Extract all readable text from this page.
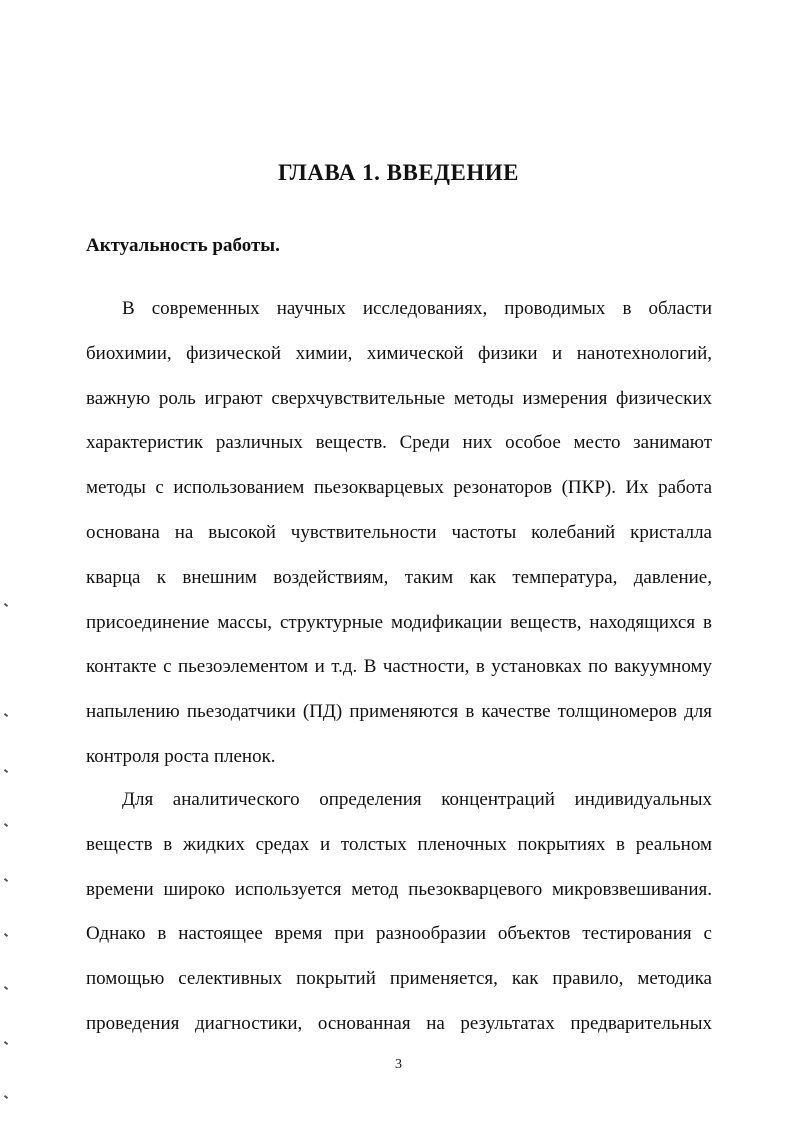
ГЛАВА 1. ВВЕДЕНИЕ
Актуальность работы.

В современных научных исследованиях, проводимых в области
биохимии, физической химии, химической физики и нанотехнологий,
важную роль играют сверхчувствительные методы измерения физических
характеристик различных веществ. Среди них особое место занимают
методы с использованием пьезокварцевых резонаторов (ПКР). Их работа
основана на высокой чувствительности частоты колебаний кристалла
кварца к внешним воздействиям, таким как температура, давление,
присоединение массы, структурные модификации веществ, находящихся в
контакте с пьезоэлементом и т.д. В частности, в установках по вакуумному
напылению пьезодатчики (ПД) применяются в качестве толщиномеров для
контроля роста пленок.

Для аналитического определения концентраций индивидуальных
веществ в жидких средах и толстых пленочных покрытиях в реальном
времени широко используется метод пьезокварцевого микровзвешивания.
Однако в настоящее время при разнообразии объектов тестирования с
помощью селективных покрытий применяется, как правило, методика
проведения диагностики, основанная на результатах предварительных

3
